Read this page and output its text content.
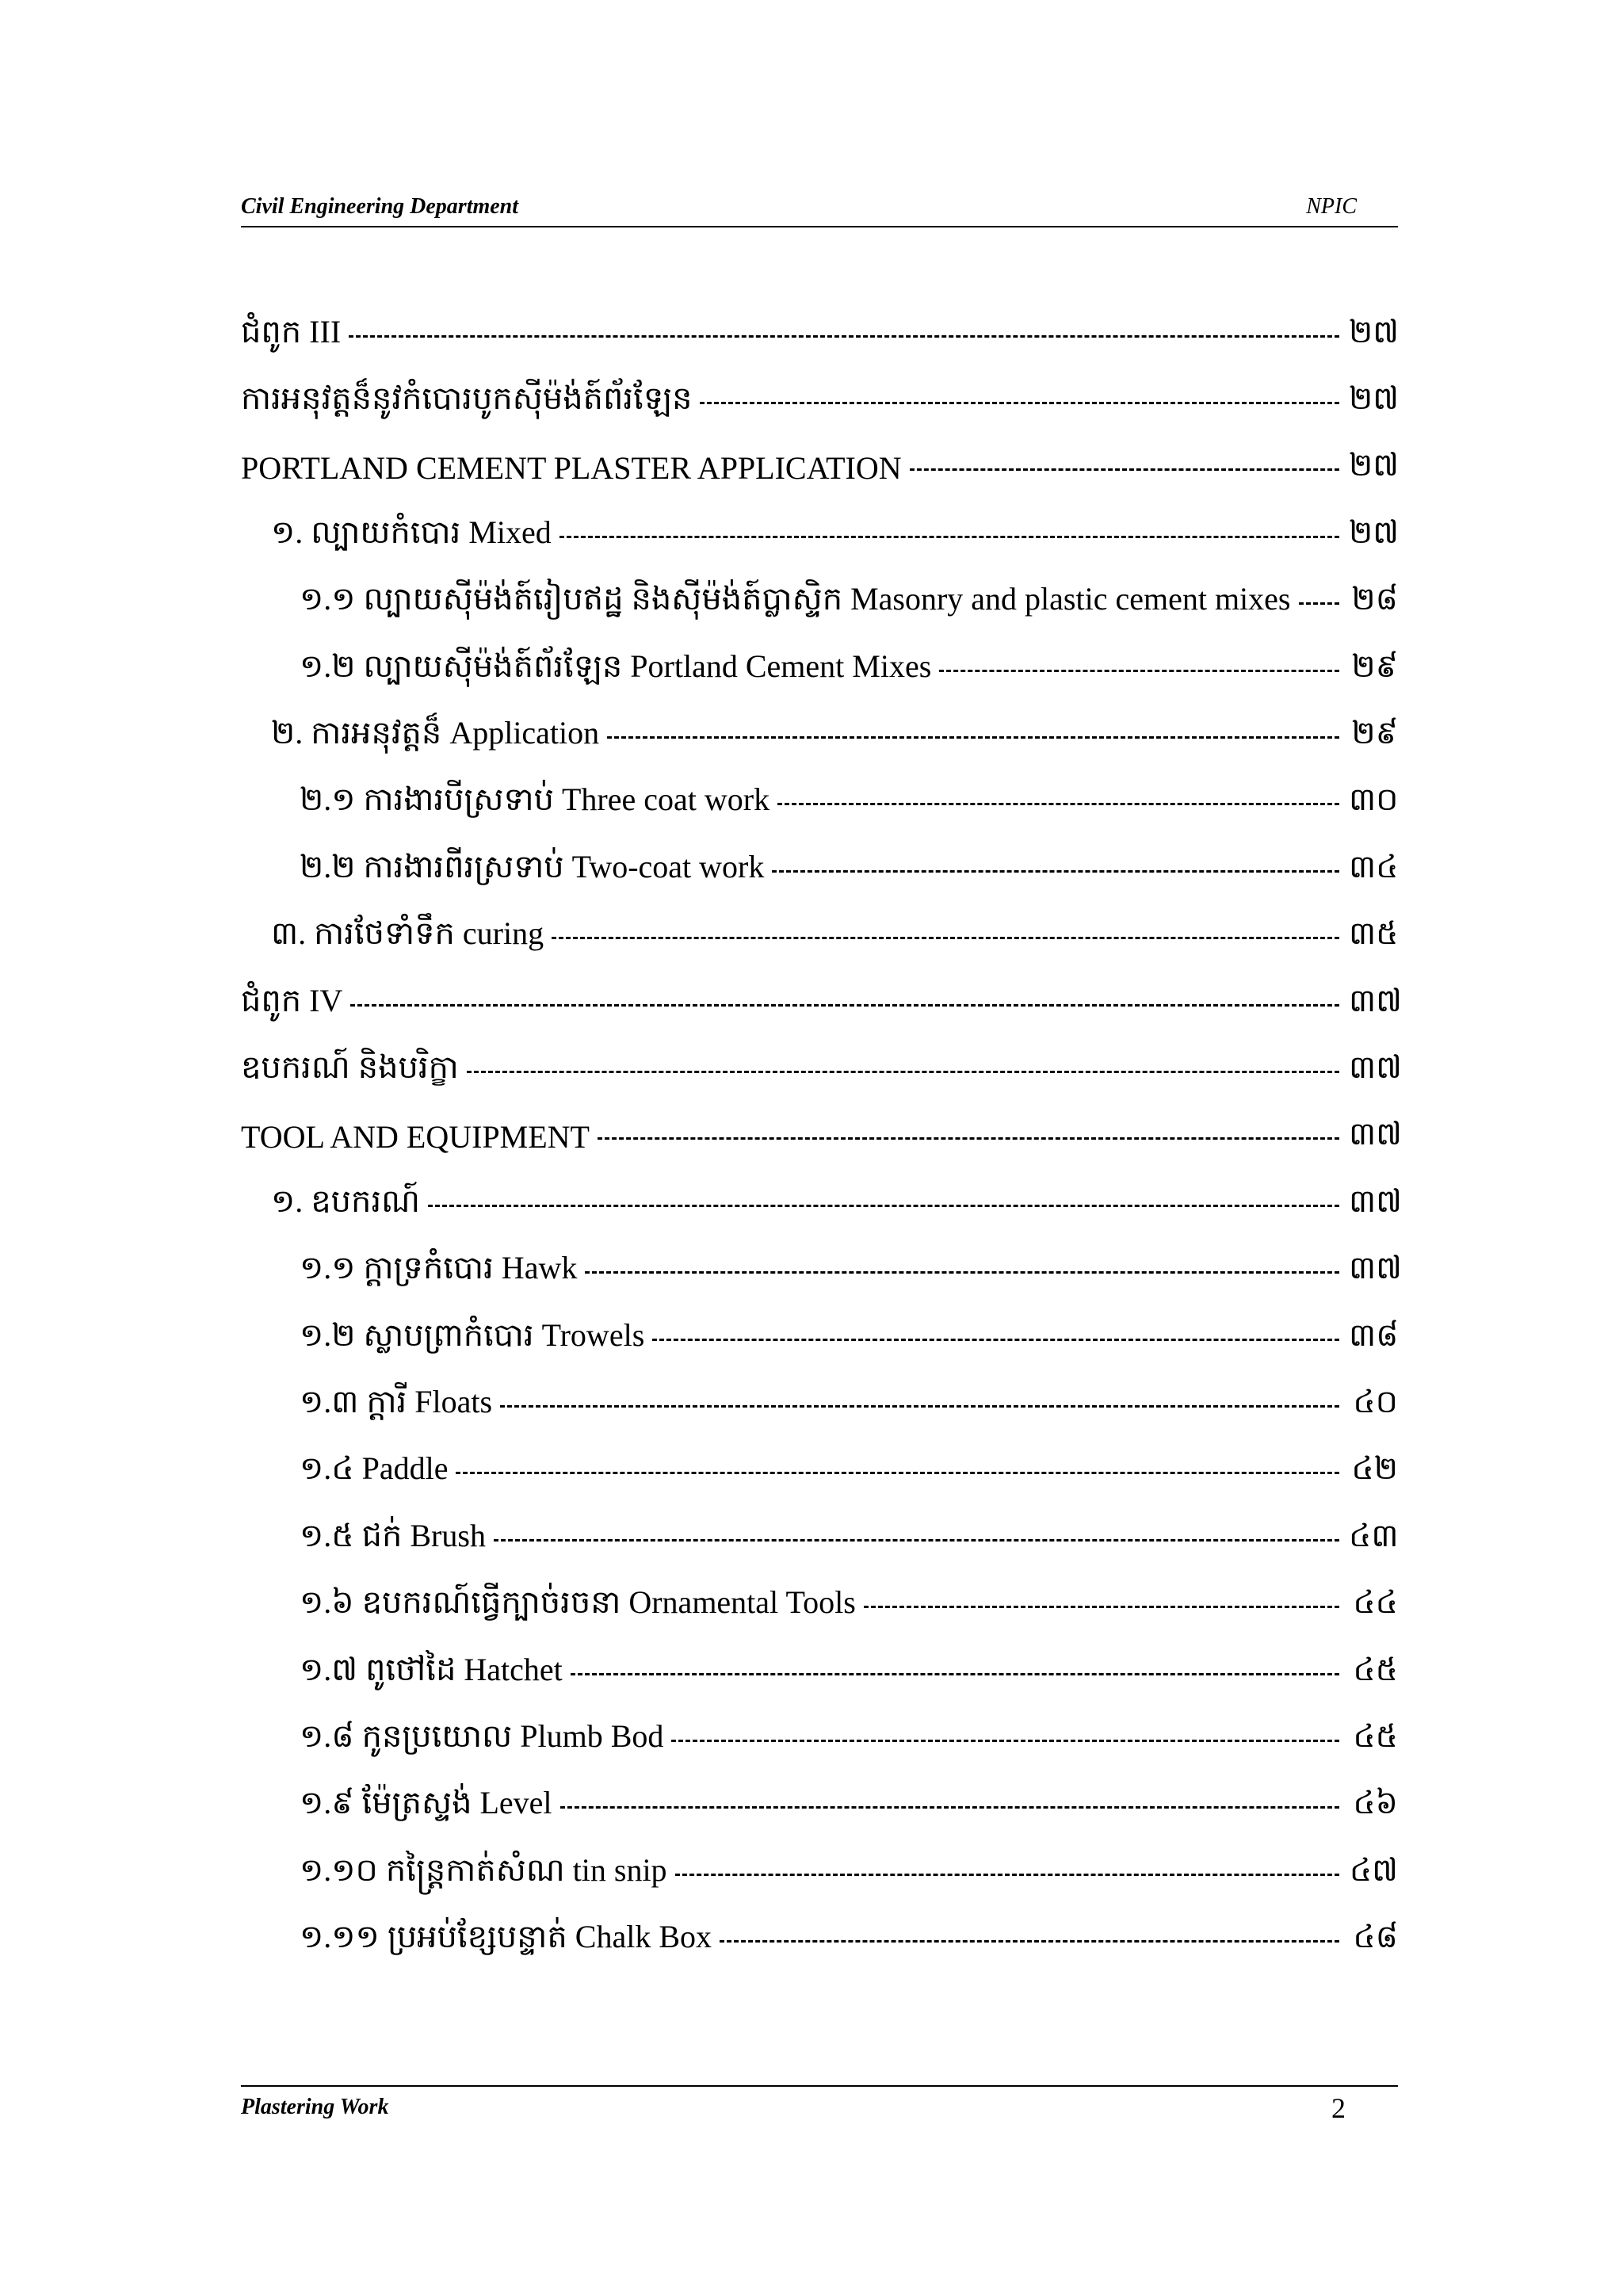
Civil Engineering Department	NPIC
ជំពូក III	២៧
ការអនុវត្តន៏នូវកំបោរបូកស៊ីម៉ង់ត៍ព័រឡែន	២៧
PORTLAND CEMENT PLASTER APPLICATION	២៧
១. ល្បាយកំបោរ Mixed	២៧
១.១ ល្បាយស៊ីម៉ង់ត៍រៀបឥដ្ឋ និងស៊ីម៉ង់ត៍ប្លាស្ទិក Masonry and plastic cement mixes	២៨
១.២ ល្បាយស៊ីម៉ង់ត៍ព័រឡែន Portland Cement Mixes	២៩
២. ការអនុវត្តន៏ Application	២៩
២.១ ការងារបីស្រទាប់ Three coat work	៣០
២.២ ការងារពីរស្រទាប់ Two-coat work	៣៤
៣. ការថែទាំទឹក curing	៣៥
ជំពូក IV	៣៧
ឧបករណ៍ និងបរិក្ខា	៣៧
TOOL AND EQUIPMENT	៣៧
១. ឧបករណ៍	៣៧
១.១ ក្តាទ្រកំបោរ Hawk	៣៧
១.២ ស្លាបព្រាកំបោរ Trowels	៣៨
១.៣ ក្តារី Floats	៤០
១.៤ Paddle	៤២
១.៥ ជក់ Brush	៤៣
១.៦ ឧបករណ៍ធ្វើក្បាច់រចនា Ornamental Tools	៤៤
១.៧ ពូថៅដៃ Hatchet	៤៥
១.៨ កូនប្រយោល Plumb Bod	៤៥
១.៩ ម៉ែត្រស្ទង់ Level	៤៦
១.១០ កន្ត្រៃកាត់សំណ tin snip	៤៧
១.១១ ប្រអប់ខ្សែបន្ទាត់ Chalk Box	៤៨
Plastering Work	2
